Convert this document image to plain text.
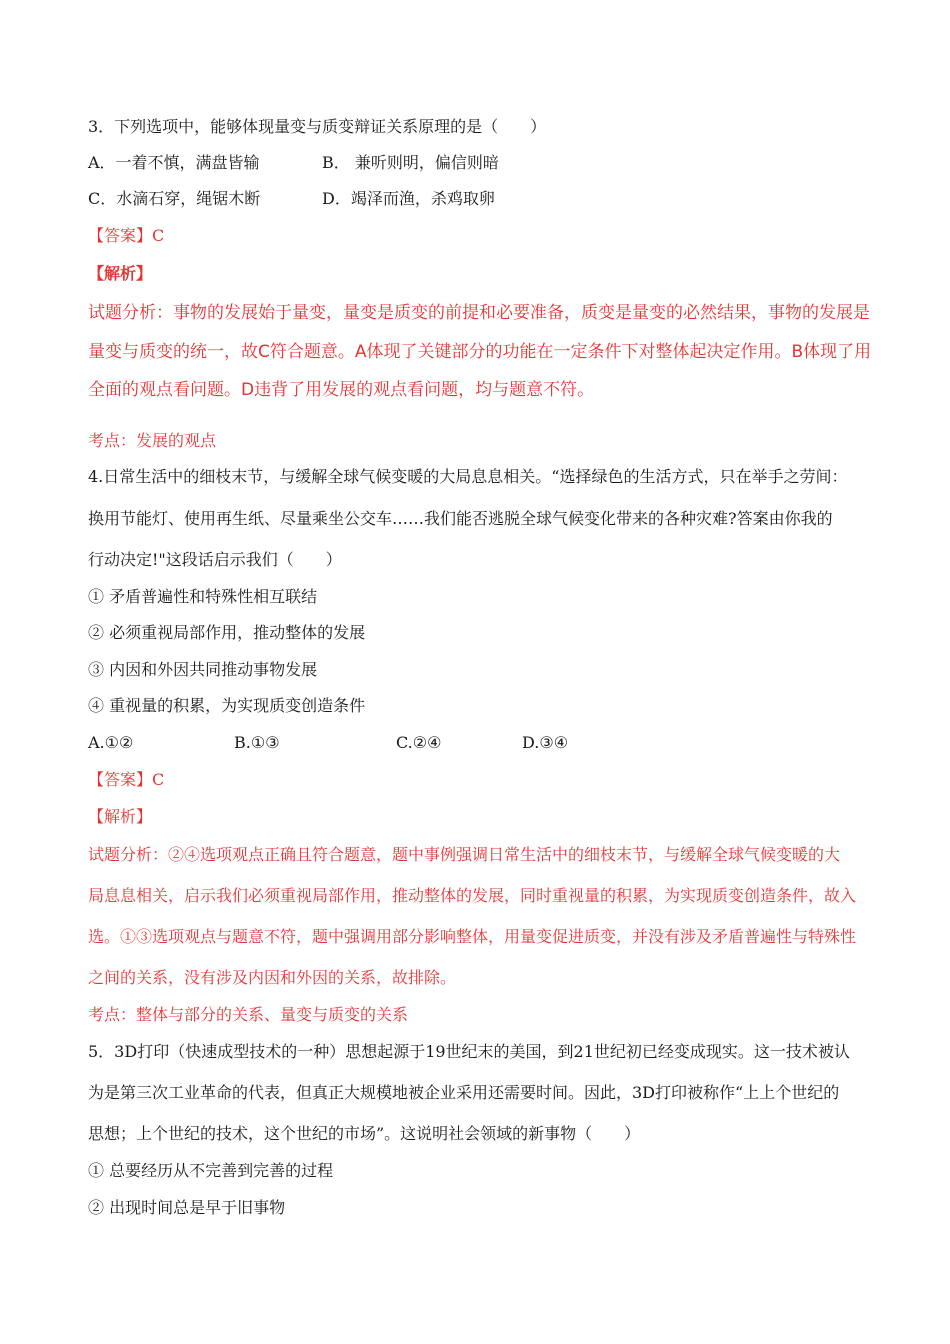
3．下列选项中，能够体现量变与质变辩证关系原理的是（　　）
A．一着不慎，满盘皆输	B． 兼听则明，偏信则暗
C．水滴石穿，绳锯木断	D．竭泽而渔，杀鸡取卵
【答案】C
【解析】
试题分析：事物的发展始于量变，量变是质变的前提和必要准备，质变是量变的必然结果，事物的发展是
量变与质变的统一，故C符合题意。A体现了关键部分的功能在一定条件下对整体起决定作用。B体现了用
全面的观点看问题。D违背了用发展的观点看问题，均与题意不符。
考点：发展的观点
4.日常生活中的细枝末节，与缓解全球气候变暖的大局息息相关。“选择绿色的生活方式，只在举手之劳间：
换用节能灯、使用再生纸、尽量乘坐公交车……我们能否逃脱全球气候变化带来的各种灾难?答案由你我的
行动决定!"这段话启示我们（　　）
① 矛盾普遍性和特殊性相互联结
② 必须重视局部作用，推动整体的发展
③ 内因和外因共同推动事物发展
④ 重视量的积累，为实现质变创造条件
A.①②	B.①③	C.②④	D.③④
【答案】C
【解析】
试题分析：②④选项观点正确且符合题意，题中事例强调日常生活中的细枝末节，与缓解全球气候变暖的大
局息息相关，启示我们必须重视局部作用，推动整体的发展，同时重视量的积累，为实现质变创造条件，故入
选。①③选项观点与题意不符，题中强调用部分影响整体，用量变促进质变，并没有涉及矛盾普遍性与特殊性
之间的关系，没有涉及内因和外因的关系，故排除。
考点：整体与部分的关系、量变与质变的关系
5．3D打印（快速成型技术的一种）思想起源于19世纪末的美国，到21世纪初已经变成现实。这一技术被认
为是第三次工业革命的代表，但真正大规模地被企业采用还需要时间。因此，3D打印被称作“上上个世纪的
思想；上个世纪的技术，这个世纪的市场”。这说明社会领域的新事物（　　）
① 总要经历从不完善到完善的过程
② 出现时间总是早于旧事物
